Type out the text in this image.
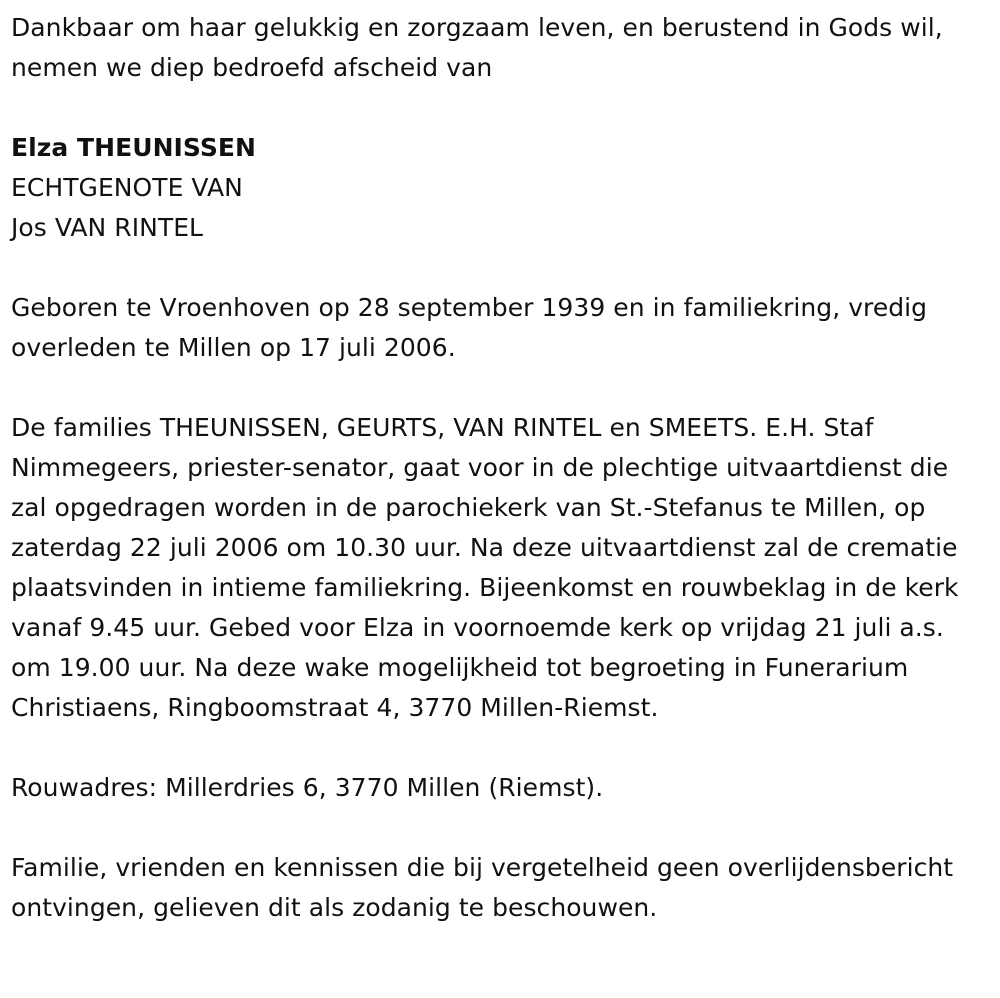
Dankbaar om haar gelukkig en zorgzaam leven, en berustend in Gods wil, nemen we diep bedroefd afscheid van

Elza THEUNISSEN

ECHTGENOTE VAN

Jos VAN RINTEL

Geboren te Vroenhoven op 28 september 1939 en in familiekring, vredig overleden te Millen op 17 juli 2006.

De families THEUNISSEN, GEURTS, VAN RINTEL en SMEETS. E.H. Staf Nimmegeers, priester-senator, gaat voor in de plechtige uitvaartdienst die zal opgedragen worden in de parochiekerk van St.-Stefanus te Millen, op zaterdag 22 juli 2006 om 10.30 uur. Na deze uitvaartdienst zal de crematie plaatsvinden in intieme familiekring. Bijeenkomst en rouwbeklag in de kerk vanaf 9.45 uur. Gebed voor Elza in voornoemde kerk op vrijdag 21 juli a.s. om 19.00 uur. Na deze wake mogelijkheid tot begroeting in Funerarium Christiaens, Ringboomstraat 4, 3770 Millen-Riemst.

Rouwadres: Millerdries 6, 3770 Millen (Riemst).

Familie, vrienden en kennissen die bij vergetelheid geen overlijdensbericht ontvingen, gelieven dit als zodanig te beschouwen.
